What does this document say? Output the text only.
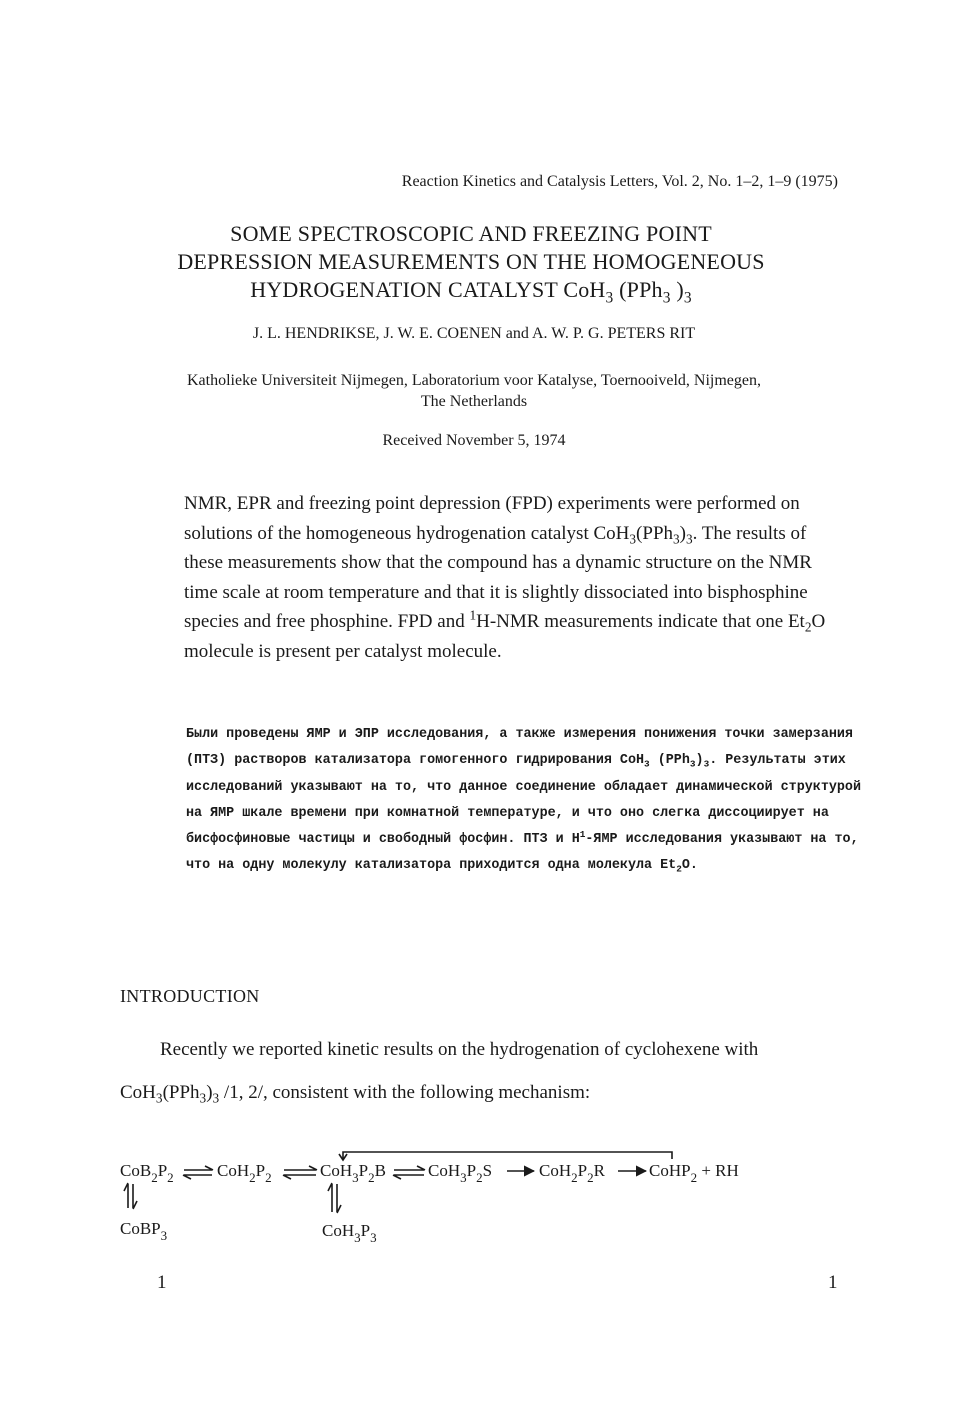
Reaction Kinetics and Catalysis Letters, Vol. 2, No. 1–2, 1–9 (1975)
SOME SPECTROSCOPIC AND FREEZING POINT
DEPRESSION MEASUREMENTS ON THE HOMOGENEOUS
HYDROGENATION CATALYST CoH$_3$ (PPh$_3$ )$_3$
J. L. HENDRIKSE, J. W. E. COENEN and A. W. P. G. PETERS RIT
Katholieke Universiteit Nijmegen, Laboratorium voor Katalyse, Toernooiveld, Nijmegen,
The Netherlands
Received November 5, 1974
NMR, EPR and freezing point depression (FPD) experiments were performed on solutions of the homogeneous hydrogenation catalyst $CoH_3(PPh_3)_3$. The results of these measurements show that the compound has a dynamic structure on the NMR time scale at room temperature and that it is slightly dissociated into bisphosphine species and free phosphine. FPD and $^1$H-NMR measurements indicate that one $Et_2O$ molecule is present per catalyst molecule.
Были проведены ЯМР и ЭПР исследования, а также измерения понижения точки замерзания (ПТЗ) растворов катализатора гомогенного гидрирования CoH$_3$ $(PPh_3)_3$. Результаты этих исследований указывают на то, что данное соединение обладает динамической структурой на ЯМР шкале времени при комнатной температуре, и что оно слегка диссоциирует на бисфосфиновые частицы и свободный фосфин. ПТЗ и $H^1$-ЯМР исследования указывают на то, что на одну молекулу катализатора приходится одна молекула $Et_2O$.
INTRODUCTION
Recently we reported kinetic results on the hydrogenation of cyclohexene with $CoH_3(PPh_3)_3$ /1, 2/, consistent with the following mechanism:
$CoB_2P_2$	$CoH_2P_2$	$CoH_3P_2B$ $CoH_3P_2S$	$CoH_2P_2R$	CoHP$_2$ + RH
CoBP$_3$	$CoH_3P_3$
1	1
